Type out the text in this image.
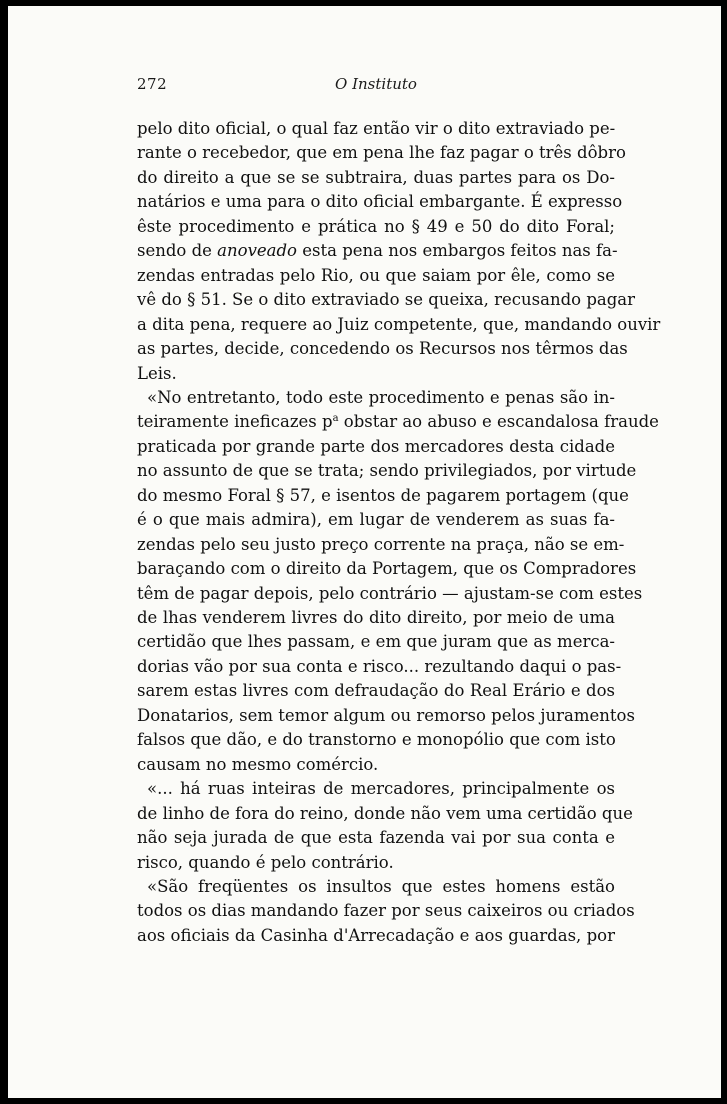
272	O Instituto
pelo dito oficial, o qual faz então vir o dito extraviado pe-
rante o recebedor, que em pena lhe faz pagar o três dôbro
do direito a que se se subtraira, duas partes para os Do-
natários e uma para o dito oficial embargante. É expresso
êste procedimento e prática no § 49 e 50 do dito Foral;
sendo de anoveado esta pena nos embargos feitos nas fa-
zendas entradas pelo Rio, ou que saiam por êle, como se
vê do § 51. Se o dito extraviado se queixa, recusando pagar
a dita pena, requere ao Juiz competente, que, mandando ouvir
as partes, decide, concedendo os Recursos nos têrmos das
Leis.
«No entretanto, todo este procedimento e penas são in-
teiramente ineficazes $p^a$ obstar ao abuso e escandalosa fraude
praticada por grande parte dos mercadores desta cidade
no assunto de que se trata; sendo privilegiados, por virtude
do mesmo Foral § 57, e isentos de pagarem portagem (que
é o que mais admira), em lugar de venderem as suas fa-
zendas pelo seu justo preço corrente na praça, não se em-
baraçando com o direito da Portagem, que os Compradores
têm de pagar depois, pelo contrário — ajustam-se com estes
de lhas venderem livres do dito direito, por meio de uma
certidão que lhes passam, e em que juram que as merca-
dorias vão por sua conta e risco... rezultando daqui o pas-
sarem estas livres com defraudação do Real Erário e dos
Donatarios, sem temor algum ou remorso pelos juramentos
falsos que dão, e do transtorno e monopólio que com isto
causam no mesmo comércio.
«... há ruas inteiras de mercadores, principalmente os
de linho de fora do reino, donde não vem uma certidão que
não seja jurada de que esta fazenda vai por sua conta e
risco, quando é pelo contrário.
«São freqüentes os insultos que estes homens estão
todos os dias mandando fazer por seus caixeiros ou criados
aos oficiais da Casinha d'Arrecadação e aos guardas, por
